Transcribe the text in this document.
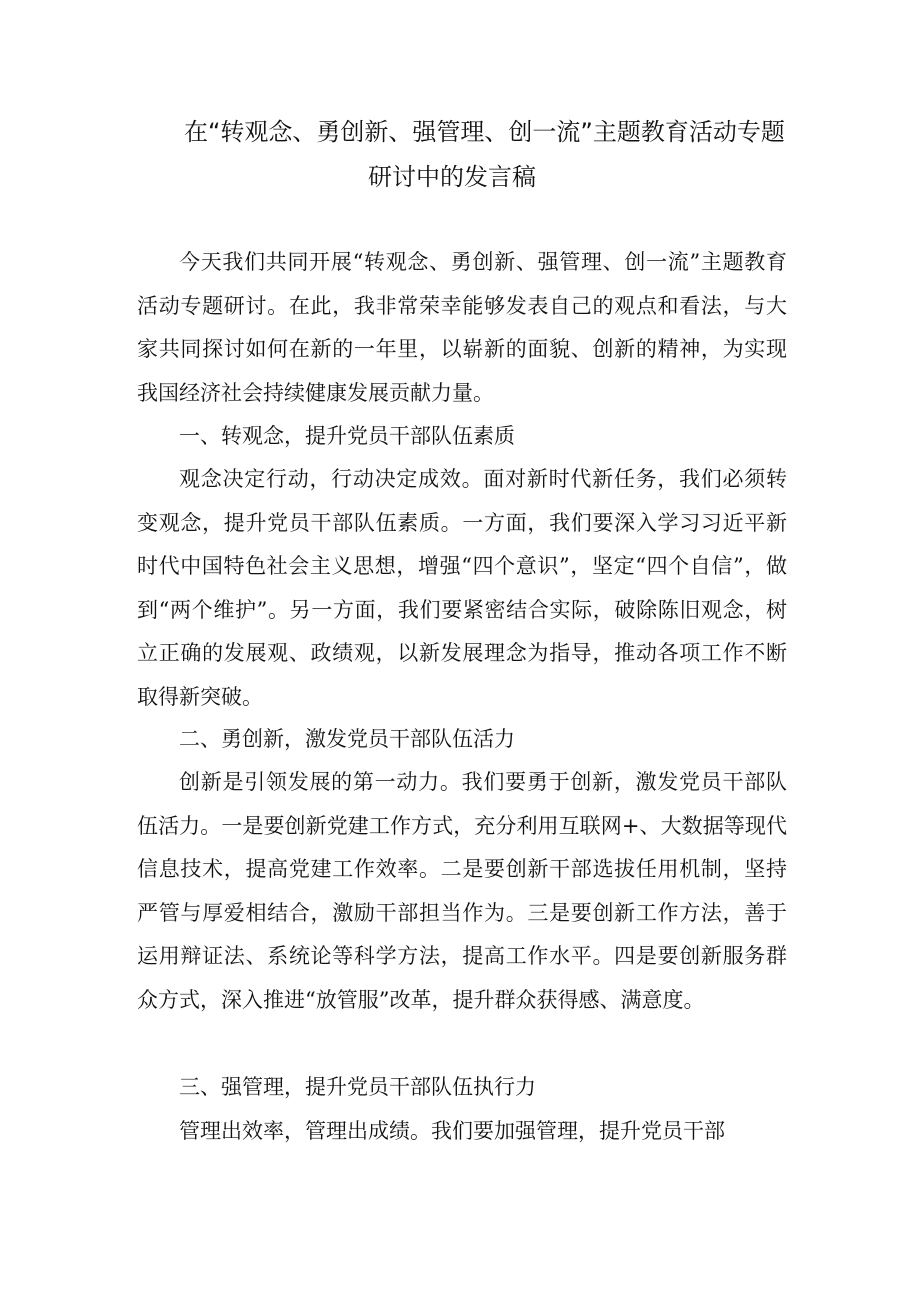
在“转观念、勇创新、强管理、创一流”主题教育活动专题
研讨中的发言稿

今天我们共同开展“转观念、勇创新、强管理、创一流”主题教育活动专题研讨。在此，我非常荣幸能够发表自己的观点和看法，与大家共同探讨如何在新的一年里，以崭新的面貌、创新的精神，为实现我国经济社会持续健康发展贡献力量。

一、转观念，提升党员干部队伍素质

观念决定行动，行动决定成效。面对新时代新任务，我们必须转变观念，提升党员干部队伍素质。一方面，我们要深入学习习近平新时代中国特色社会主义思想，增强“四个意识”，坚定“四个自信”，做到“两个维护”。另一方面，我们要紧密结合实际，破除陈旧观念，树立正确的发展观、政绩观，以新发展理念为指导，推动各项工作不断取得新突破。

二、勇创新，激发党员干部队伍活力

创新是引领发展的第一动力。我们要勇于创新，激发党员干部队伍活力。一是要创新党建工作方式，充分利用互联网+、大数据等现代信息技术，提高党建工作效率。二是要创新干部选拔任用机制，坚持严管与厚爱相结合，激励干部担当作为。三是要创新工作方法，善于运用辩证法、系统论等科学方法，提高工作水平。四是要创新服务群众方式，深入推进“放管服”改革，提升群众获得感、满意度。

三、强管理，提升党员干部队伍执行力

管理出效率，管理出成绩。我们要加强管理，提升党员干部
